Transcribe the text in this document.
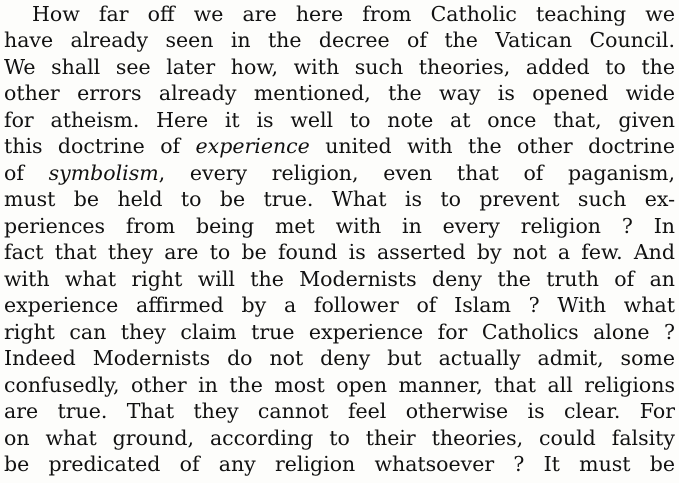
How far off we are here from Catholic teaching we
have already seen in the decree of the Vatican Council.
We shall see later how, with such theories, added to the
other errors already mentioned, the way is opened wide
for atheism. Here it is well to note at once that, given
this doctrine of experience united with the other doctrine
of symbolism, every religion, even that of paganism,
must be held to be true. What is to prevent such ex-
periences from being met with in every religion ? In
fact that they are to be found is asserted by not a few. And
with what right will the Modernists deny the truth of an
experience affirmed by a follower of Islam ? With what
right can they claim true experience for Catholics alone ?
Indeed Modernists do not deny but actually admit, some
confusedly, other in the most open manner, that all religions
are true. That they cannot feel otherwise is clear. For
on what ground, according to their theories, could falsity
be predicated of any religion whatsoever ? It must be
